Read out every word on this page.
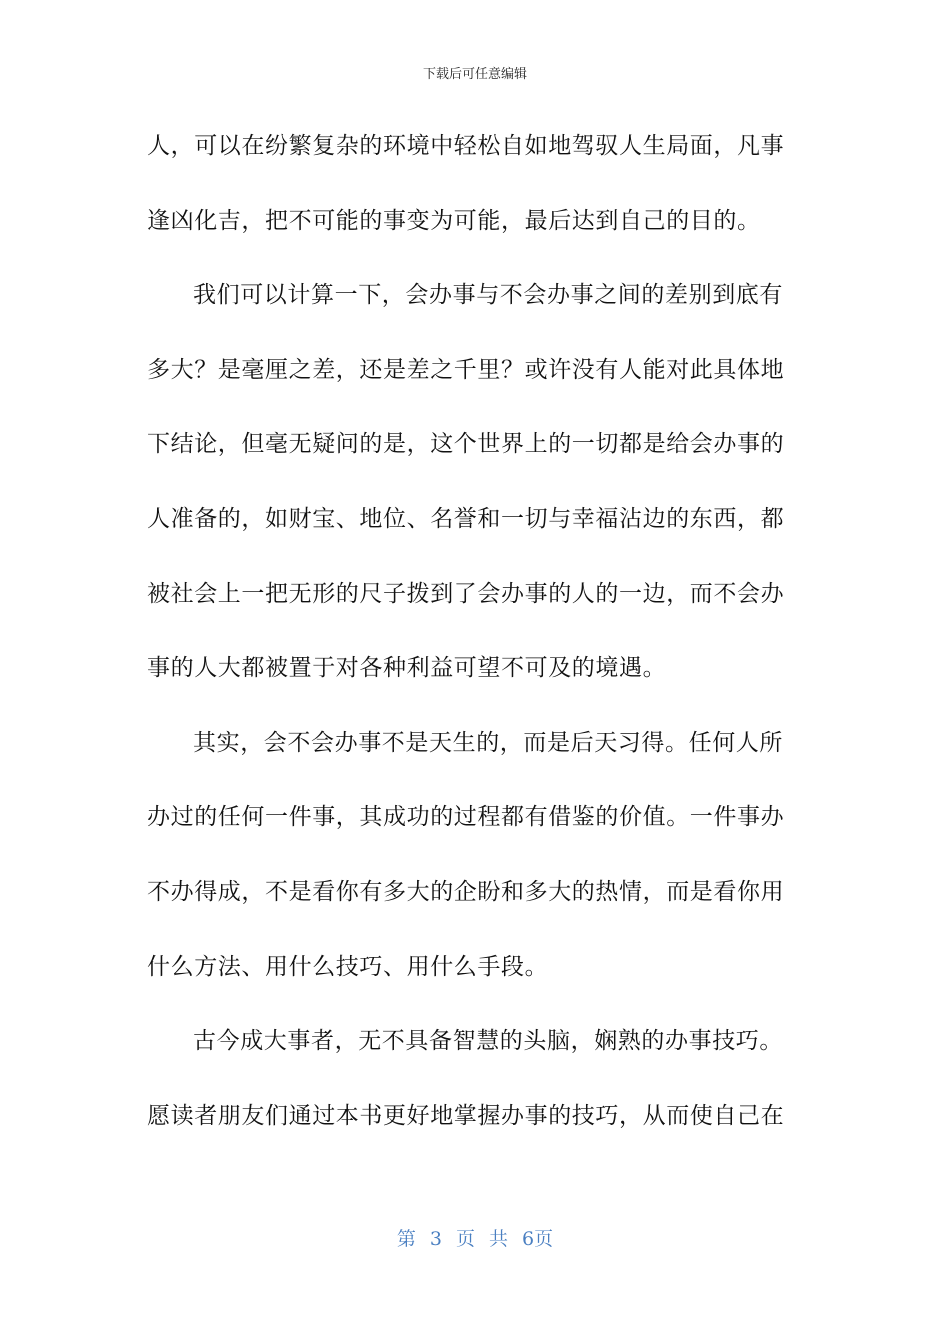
下载后可任意编辑
人，可以在纷繁复杂的环境中轻松自如地驾驭人生局面，凡事
逢凶化吉，把不可能的事变为可能，最后达到自己的目的。
我们可以计算一下，会办事与不会办事之间的差别到底有
多大？是毫厘之差，还是差之千里？或许没有人能对此具体地
下结论，但毫无疑问的是，这个世界上的一切都是给会办事的
人准备的，如财宝、地位、名誉和一切与幸福沾边的东西，都
被社会上一把无形的尺子拨到了会办事的人的一边，而不会办
事的人大都被置于对各种利益可望不可及的境遇。
其实，会不会办事不是天生的，而是后天习得。任何人所
办过的任何一件事，其成功的过程都有借鉴的价值。一件事办
不办得成，不是看你有多大的企盼和多大的热情，而是看你用
什么方法、用什么技巧、用什么手段。
古今成大事者，无不具备智慧的头脑，娴熟的办事技巧。
愿读者朋友们通过本书更好地掌握办事的技巧，从而使自己在
第 3 页 共 6页
